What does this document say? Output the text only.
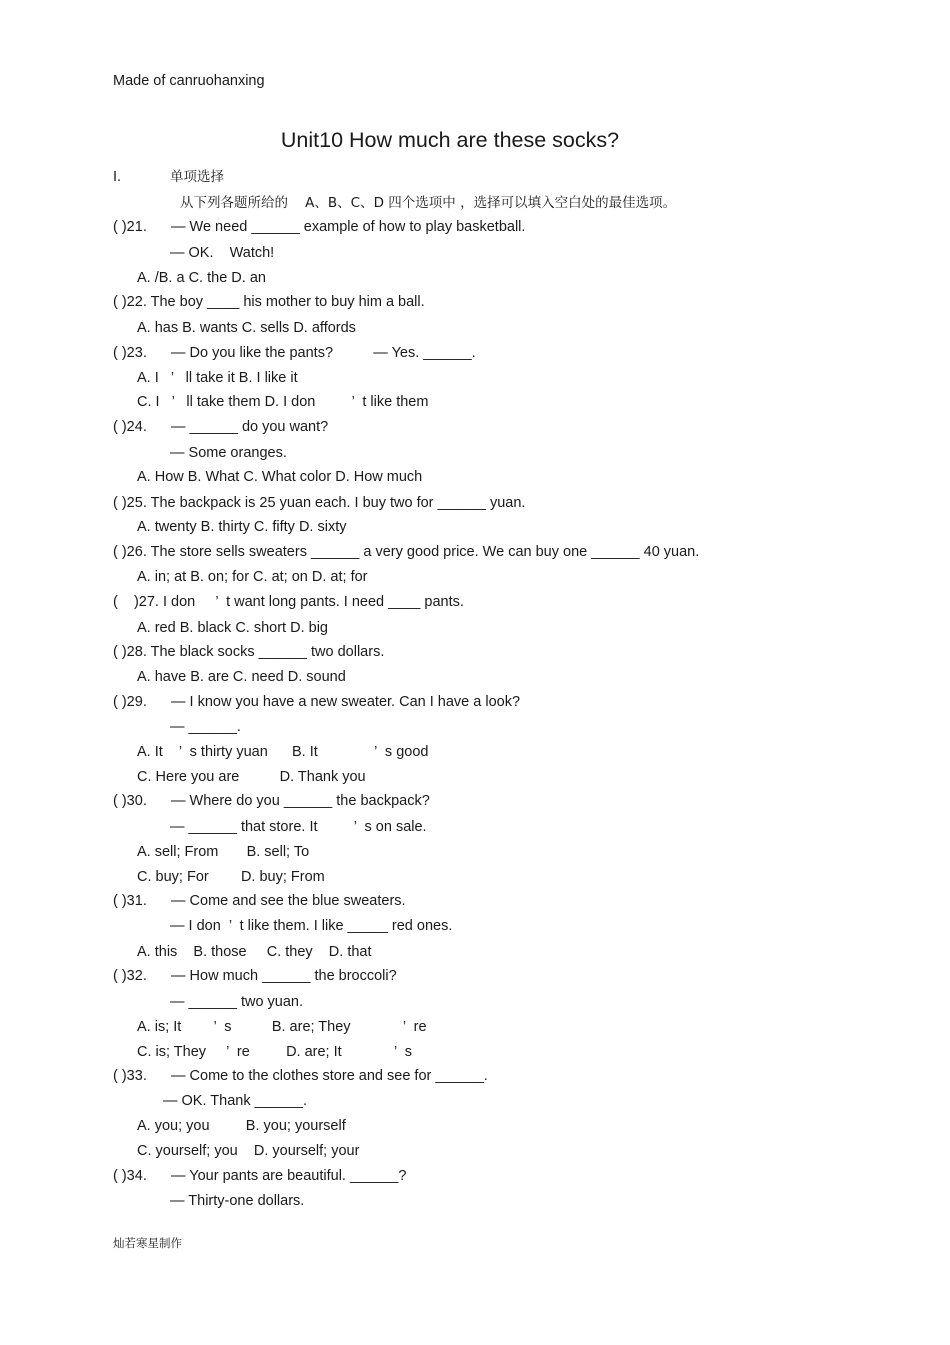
Made of canruohanxing
Unit10 How much are these socks?
I.	单项选择
从下列各题所给的    A、B、C、D 四个选项中 ，选择可以填入空白处的最佳选项。
( )21.      — We need ______ example of how to play basketball.
— OK.    Watch!
A. /B. a C. the D. an
( )22. The boy ____ his mother to buy him a ball.
A. has B. wants C. sells D. affords
( )23.      — Do you like the pants?          — Yes. ______.
A. I   ’   ll take it B. I like it
C. I   ’   ll take them D. I don         ’  t like them
( )24.      — ______ do you want?
— Some oranges.
A. How B. What C. What color D. How much
( )25. The backpack is 25 yuan each. I buy two for ______ yuan.
A. twenty B. thirty C. fifty D. sixty
( )26. The store sells sweaters ______ a very good price. We can buy one ______ 40 yuan.
A. in; at B. on; for C. at; on D. at; for
(    )27. I don     ’  t want long pants. I need ____ pants.
A. red B. black C. short D. big
( )28. The black socks ______ two dollars.
A. have B. are C. need D. sound
( )29.      — I know you have a new sweater. Can I have a look?
— ______.
A. It    ’  s thirty yuan      B. It              ’  s good
C. Here you are          D. Thank you
( )30.      — Where do you ______ the backpack?
— ______ that store. It         ’  s on sale.
A. sell; From       B. sell; To
C. buy; For        D. buy; From
( )31.      — Come and see the blue sweaters.
— I don  ’  t like them. I like _____ red ones.
A. this    B. those     C. they    D. that
( )32.      — How much ______ the broccoli?
— ______ two yuan.
A. is; It        ’  s          B. are; They             ’  re
C. is; They     ’  re         D. are; It             ’  s
( )33.      — Come to the clothes store and see for ______.
— OK. Thank ______.
A. you; you         B. you; yourself
C. yourself; you    D. yourself; your
( )34.      — Your pants are beautiful. ______?
— Thirty-one dollars.
灿若寒星制作
